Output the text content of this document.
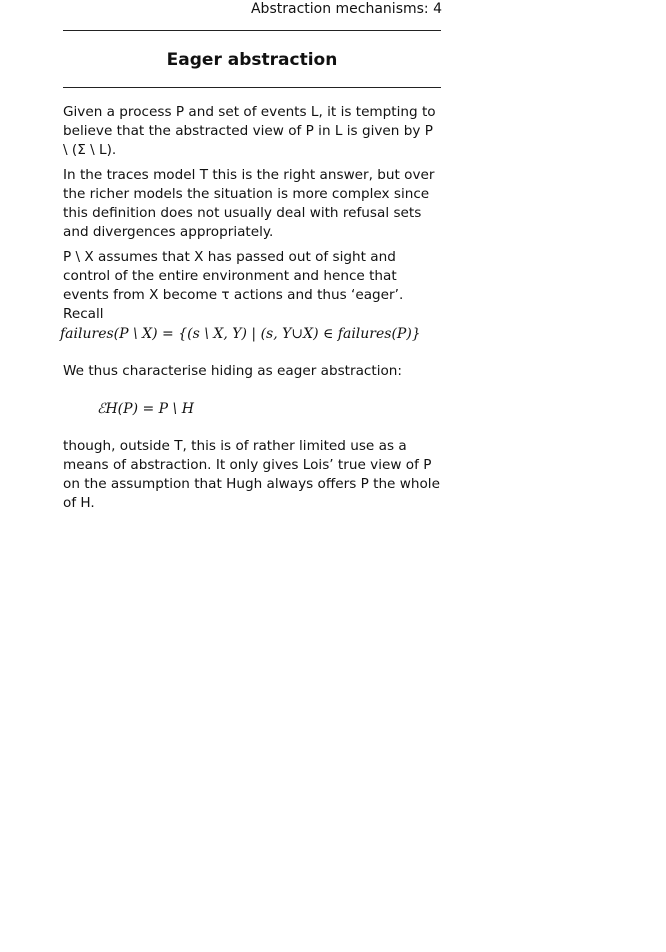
Abstraction mechanisms: 4
Eager abstraction

Given a process P and set of events L, it is tempting to believe that the abstracted view of P in L is given by P \ (Σ \ L).

In the traces model T this is the right answer, but over the richer models the situation is more complex since this definition does not usually deal with refusal sets and divergences appropriately.

P \ X assumes that X has passed out of sight and control of the entire environment and hence that events from X become τ actions and thus ‘eager’. Recall

failures(P \ X) = {(s \ X, Y) | (s, Y∪X) ∈ failures(P)}

We thus characterise hiding as eager abstraction:

ℰH(P) = P \ H

though, outside T, this is of rather limited use as a means of abstraction. It only gives Lois’ true view of P on the assumption that Hugh always offers P the whole of H.
